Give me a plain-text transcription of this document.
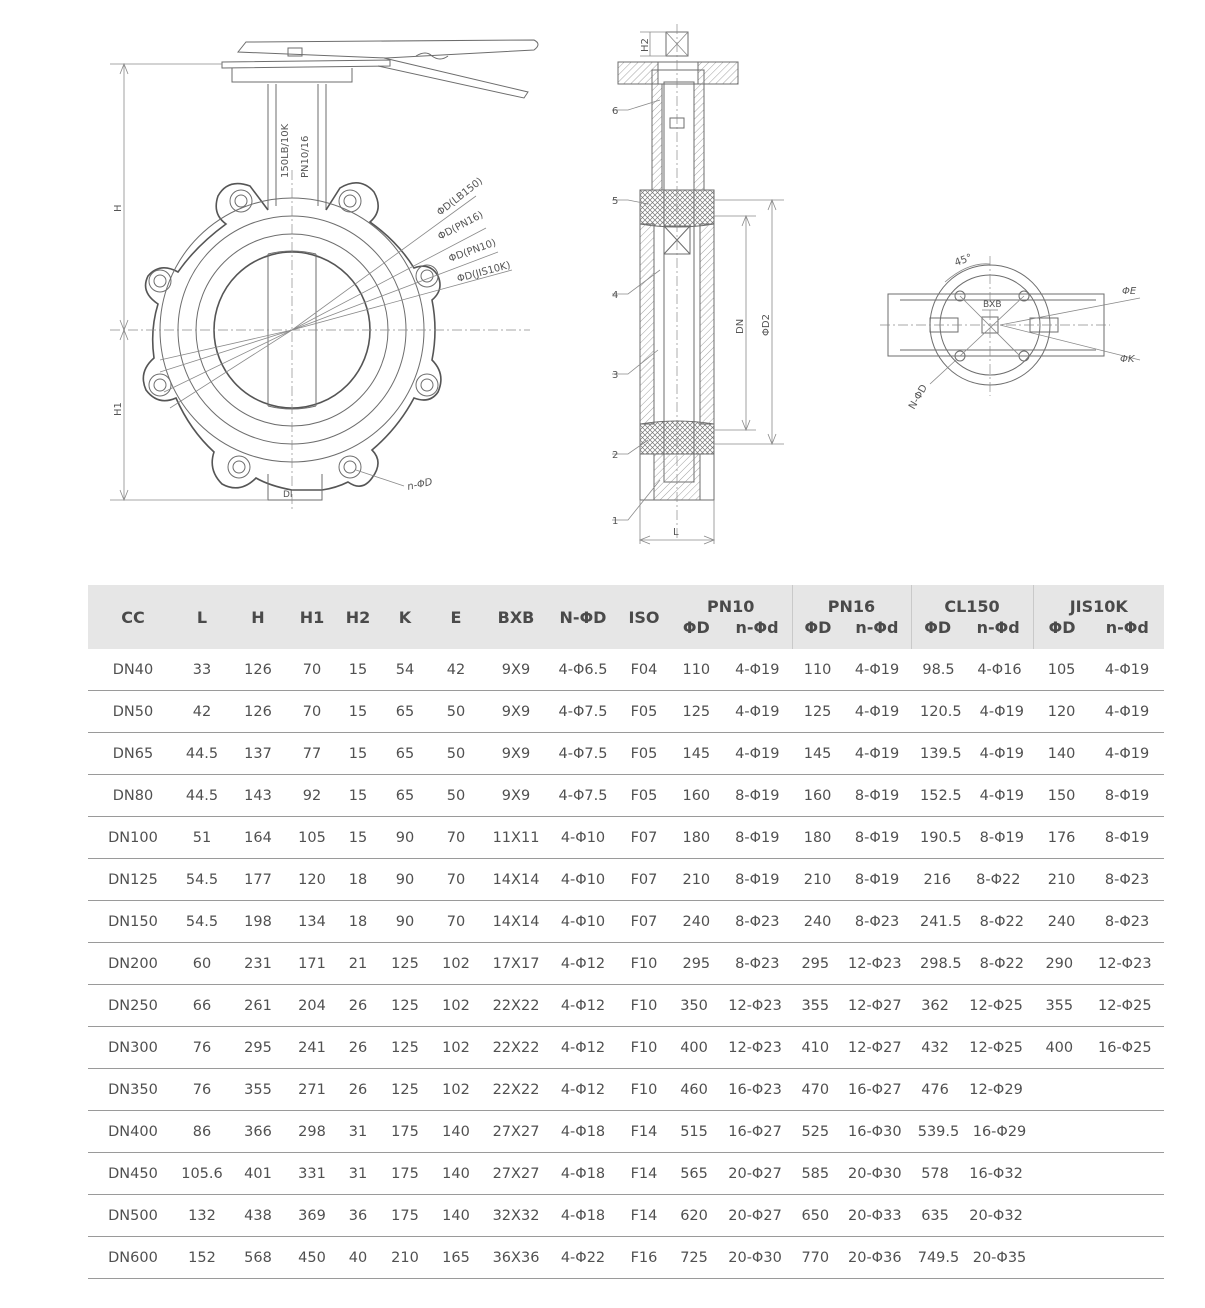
H
H1
DI
n-ΦD
150LB/10K PN10/16
ΦD(LB150)
ΦD(PN16)
ΦD(PN10)
ΦD(JIS10K)
DN ΦD2
H2
L
1
2
3
4
5
6
45°
BXB
ΦE
ΦK
N-ΦD
CC	L	H	H1	H2	K	E	BXB	N-ΦD	ISO	PN10
ΦD n-Φd	PN16
ΦD n-Φd	CL150
ΦD n-Φd	JIS10K
ΦD n-Φd

DN40	33	126	70	15	54	42	9X9	4-Φ6.5	F04	110 4-Φ19	110 4-Φ19	98.5 4-Φ16	105 4-Φ19

DN50	42	126	70	15	65	50	9X9	4-Φ7.5	F05	125 4-Φ19	125 4-Φ19	120.5 4-Φ19	120 4-Φ19

DN65	44.5	137	77	15	65	50	9X9	4-Φ7.5	F05	145 4-Φ19	145 4-Φ19	139.5 4-Φ19	140 4-Φ19

DN80	44.5	143	92	15	65	50	9X9	4-Φ7.5	F05	160 8-Φ19	160 8-Φ19	152.5 4-Φ19	150 8-Φ19

DN100	51	164	105	15	90	70	11X11	4-Φ10	F07	180 8-Φ19	180 8-Φ19	190.5 8-Φ19	176 8-Φ19

DN125	54.5	177	120	18	90	70	14X14	4-Φ10	F07	210 8-Φ19	210 8-Φ19	216 8-Φ22	210 8-Φ23

DN150	54.5	198	134	18	90	70	14X14	4-Φ10	F07	240 8-Φ23	240 8-Φ23	241.5 8-Φ22	240 8-Φ23

DN200	60	231	171	21	125	102	17X17	4-Φ12	F10	295 8-Φ23	295 12-Φ23	298.5 8-Φ22	290 12-Φ23

DN250	66	261	204	26	125	102	22X22	4-Φ12	F10	350 12-Φ23	355 12-Φ27	362 12-Φ25	355 12-Φ25

DN300	76	295	241	26	125	102	22X22	4-Φ12	F10	400 12-Φ23	410 12-Φ27	432 12-Φ25	400 16-Φ25

DN350	76	355	271	26	125	102	22X22	4-Φ12	F10	460 16-Φ23	470 16-Φ27	476 12-Φ29	

DN400	86	366	298	31	175	140	27X27	4-Φ18	F14	515 16-Φ27	525 16-Φ30	539.5 16-Φ29	

DN450	105.6	401	331	31	175	140	27X27	4-Φ18	F14	565 20-Φ27	585 20-Φ30	578 16-Φ32	

DN500	132	438	369	36	175	140	32X32	4-Φ18	F14	620 20-Φ27	650 20-Φ33	635 20-Φ32	

DN600	152	568	450	40	210	165	36X36	4-Φ22	F16	725 20-Φ30	770 20-Φ36	749.5 20-Φ35	
